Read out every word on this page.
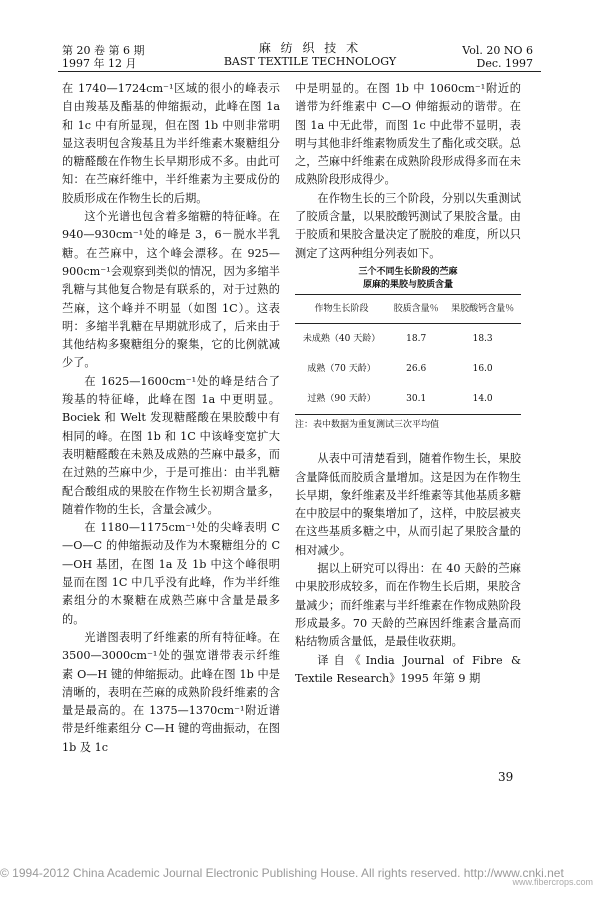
第 20 卷 第 6 期
1997 年 12 月
麻 纺 织 技 术
BAST TEXTILE TECHNOLOGY
Vol. 20 NO 6
Dec. 1997

在 1740—1724cm⁻¹区域的很小的峰表示自由羧基及酯基的伸缩振动，此峰在图 1a 和 1c 中有所显现，但在图 1b 中则非常明显这表明包含羧基且为半纤维素木聚糖组分的糖醛酸在作物生长早期形成不多。由此可知：在苎麻纤维中，半纤维素为主要成份的胶质形成在作物生长的后期。

这个光谱也包含着多缩糖的特征峰。在 940—930cm⁻¹处的峰是 3，6－脱水半乳糖。在苎麻中，这个峰会漂移。在 925—900cm⁻¹会观察到类似的情况，因为多缩半乳糖与其他复合物是有联系的，对于过熟的苎麻，这个峰并不明显（如图 1C）。这表明：多缩半乳糖在早期就形成了，后来由于其他结构多聚糖组分的聚集，它的比例就减少了。

在 1625—1600cm⁻¹处的峰是结合了羧基的特征峰，此峰在图 1a 中更明显。Bociek 和 Welt 发现糖醛酸在果胶酸中有相同的峰。在图 1b 和 1C 中该峰变宽扩大表明糖醛酸在未熟及成熟的苎麻中最多，而在过熟的苎麻中少，于是可推出：由半乳糖配合酸组成的果胶在作物生长初期含量多，随着作物的生长，含量会减少。

在 1180—1175cm⁻¹处的尖峰表明 C—O—C 的伸缩振动及作为木聚糖组分的 C—OH 基团，在图 1a 及 1b 中这个峰很明显而在图 1C 中几乎没有此峰，作为半纤维素组分的木聚糖在成熟苎麻中含量是最多的。

光谱图表明了纤维素的所有特征峰。在 3500—3000cm⁻¹处的强宽谱带表示纤维素 O—H 键的伸缩振动。此峰在图 1b 中是清晰的，表明在苎麻的成熟阶段纤维素的含量是最高的。在 1375—1370cm⁻¹附近谱带是纤维素组分 C—H 键的弯曲振动，在图 1b 及 1c

中是明显的。在图 1b 中 1060cm⁻¹附近的谱带为纤维素中 C—O 伸缩振动的谐带。在图 1a 中无此带，而图 1c 中此带不显明，表明与其他非纤维素物质发生了酯化或交联。总之，苎麻中纤维素在成熟阶段形成得多而在未成熟阶段形成得少。

在作物生长的三个阶段，分别以失重测试了胶质含量，以果胶酸钙测试了果胶含量。由于胶质和果胶含量决定了脱胶的难度，所以只测定了这两种组分列表如下。

三个不同生长阶段的苎麻
原麻的果胶与胶质含量
作物生长阶段	胶质含量％	果胶酸钙含量％
未成熟（40 天龄）	18.7	18.3
成熟（70 天龄）	26.6	16.0
过熟（90 天龄）	30.1	14.0
注：表中数据为重复测试三次平均值

从表中可清楚看到，随着作物生长，果胶含量降低而胶质含量增加。这是因为在作物生长早期，象纤维素及半纤维素等其他基质多糖在中胶层中的聚集增加了，这样，中胶层被夹在这些基质多糖之中，从而引起了果胶含量的相对减少。

据以上研究可以得出：在 40 天龄的苎麻中果胶形成较多，而在作物生长后期，果胶含量减少；而纤维素与半纤维素在作物成熟阶段形成最多。70 天龄的苎麻因纤维素含量高而粘结物质含量低，是最佳收获期。

译自《India Journal of Fibre & Textile Research》1995 年第 9 期

39
© 1994-2012 China Academic Journal Electronic Publishing House. All rights reserved. http://www.cnki.net
www.fibercrops.com
